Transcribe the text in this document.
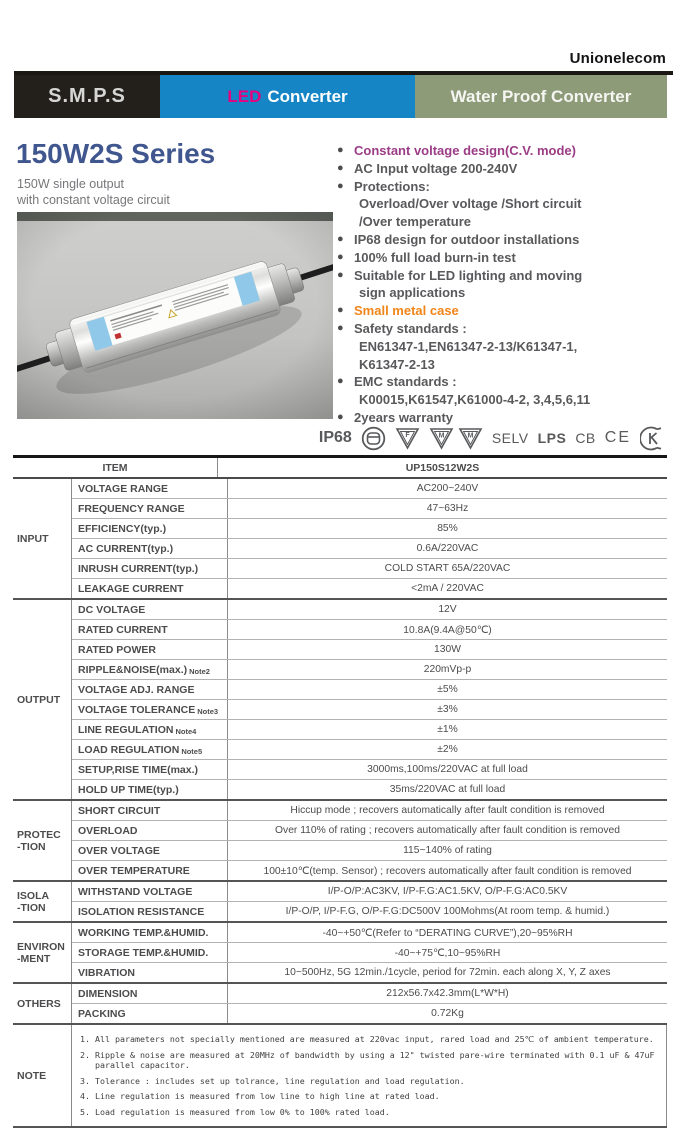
Unionelecom
S.M.P.S	LED Converter	Water Proof Converter
150W2S Series
150W single output
with constant voltage circuit
● Constant voltage design(C.V. mode)
● AC Input voltage 200-240V
● Protections:
Overload/Over voltage /Short circuit
/Over temperature
● IP68 design for outdoor installations
● 100% full load burn-in test
● Suitable for LED lighting and moving
sign applications
● Small metal case
● Safety standards :
EN61347-1,EN61347-2-13/K61347-1,
K61347-2-13
● EMC standards :
K00015,K61547,K61000-4-2, 3,4,5,6,11
● 2years warranty
IP68	F	M	M SELV LPS CB CE
ITEM	UP150S12W2S
INPUT
VOLTAGE RANGE	AC200~240V
FREQUENCY RANGE	47~63Hz
EFFICIENCY(typ.)	85%
AC CURRENT(typ.)	0.6A/220VAC
INRUSH CURRENT(typ.)	COLD START 65A/220VAC
LEAKAGE CURRENT	<2mA / 220VAC
OUTPUT
DC VOLTAGE	12V
RATED CURRENT	10.8A(9.4A@50℃)
RATED POWER	130W
RIPPLE&NOISE(max.) Note2	220mVp-p
VOLTAGE ADJ. RANGE	±5%
VOLTAGE TOLERANCE Note3	±3%
LINE REGULATION Note4	±1%
LOAD REGULATION Note5	±2%
SETUP,RISE TIME(max.)	3000ms,100ms/220VAC at full load
HOLD UP TIME(typ.)	35ms/220VAC at full load
PROTEC
-TION
SHORT CIRCUIT	Hiccup mode ; recovers automatically after fault condition is removed
OVERLOAD	Over 110% of rating ; recovers automatically after fault condition is removed
OVER VOLTAGE	115~140% of rating
OVER TEMPERATURE	100±10℃(temp. Sensor) ; recovers automatically after fault condition is removed
ISOLA
-TION
WITHSTAND VOLTAGE	I/P-O/P:AC3KV, I/P-F.G:AC1.5KV, O/P-F.G:AC0.5KV
ISOLATION RESISTANCE	I/P-O/P, I/P-F.G, O/P-F.G:DC500V 100Mohms(At room temp. & humid.)
ENVIRON
-MENT
WORKING TEMP.&HUMID.	-40~+50℃(Refer to “DERATING CURVE”),20~95%RH
STORAGE TEMP.&HUMID.	-40~+75℃,10~95%RH
VIBRATION	10~500Hz, 5G 12min./1cycle, period for 72min. each along X, Y, Z axes
OTHERS
DIMENSION	212x56.7x42.3mm(L*W*H)
PACKING	0.72Kg
NOTE
1. All parameters not specially mentioned are measured at 220vac input, rared load and 25℃ of ambient temperature.
2. Ripple & noise are measured at 20MHz of bandwidth by using a 12" twisted pare-wire terminated with 0.1 uF & 47uF
parallel capacitor.
3. Tolerance : includes set up tolrance, line regulation and load regulation.
4. Line regulation is measured from low line to high line at rated load.
5. Load regulation is measured from low 0% to 100% rated load.
